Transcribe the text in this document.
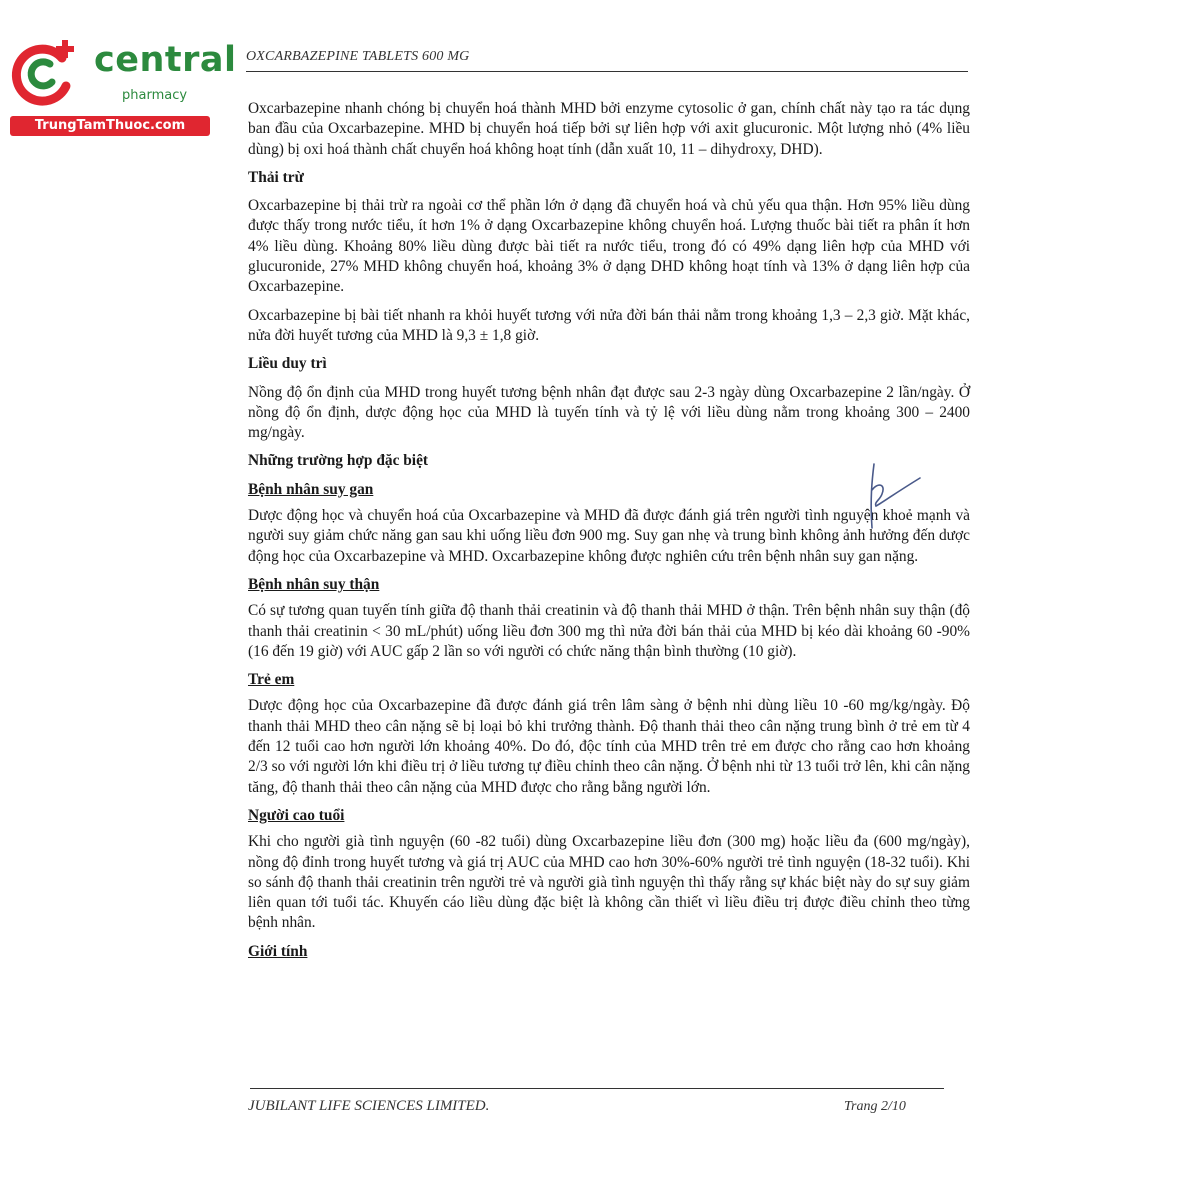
central
pharmacy
TrungTamThuoc.com
OXCARBAZEPINE TABLETS 600 MG

Oxcarbazepine nhanh chóng bị chuyển hoá thành MHD bởi enzyme cytosolic ở gan, chính chất này tạo ra tác dụng ban đầu của Oxcarbazepine. MHD bị chuyển hoá tiếp bởi sự liên hợp với axit glucuronic. Một lượng nhỏ (4% liều dùng) bị oxi hoá thành chất chuyển hoá không hoạt tính (dẫn xuất 10, 11 – dihydroxy, DHD).

Thải trừ

Oxcarbazepine bị thải trừ ra ngoài cơ thể phần lớn ở dạng đã chuyển hoá và chủ yếu qua thận. Hơn 95% liều dùng được thấy trong nước tiểu, ít hơn 1% ở dạng Oxcarbazepine không chuyển hoá. Lượng thuốc bài tiết ra phân ít hơn 4% liều dùng. Khoảng 80% liều dùng được bài tiết ra nước tiểu, trong đó có 49% dạng liên hợp của MHD với glucuronide, 27% MHD không chuyển hoá, khoảng 3% ở dạng DHD không hoạt tính và 13% ở dạng liên hợp của Oxcarbazepine.

Oxcarbazepine bị bài tiết nhanh ra khỏi huyết tương với nửa đời bán thải nằm trong khoảng 1,3 – 2,3 giờ. Mặt khác, nửa đời huyết tương của MHD là 9,3 ± 1,8 giờ.

Liều duy trì

Nồng độ ổn định của MHD trong huyết tương bệnh nhân đạt được sau 2-3 ngày dùng Oxcarbazepine 2 lần/ngày. Ở nồng độ ổn định, dược động học của MHD là tuyến tính và tỷ lệ với liều dùng nằm trong khoảng 300 – 2400 mg/ngày.

Những trường hợp đặc biệt
Bệnh nhân suy gan

Dược động học và chuyển hoá của Oxcarbazepine và MHD đã được đánh giá trên người tình nguyện khoẻ mạnh và người suy giảm chức năng gan sau khi uống liều đơn 900 mg. Suy gan nhẹ và trung bình không ảnh hưởng đến dược động học của Oxcarbazepine và MHD. Oxcarbazepine không được nghiên cứu trên bệnh nhân suy gan nặng.

Bệnh nhân suy thận

Có sự tương quan tuyến tính giữa độ thanh thải creatinin và độ thanh thải MHD ở thận. Trên bệnh nhân suy thận (độ thanh thải creatinin < 30 mL/phút) uống liều đơn 300 mg thì nửa đời bán thải của MHD bị kéo dài khoảng 60 -90% (16 đến 19 giờ) với AUC gấp 2 lần so với người có chức năng thận bình thường (10 giờ).

Trẻ em

Dược động học của Oxcarbazepine đã được đánh giá trên lâm sàng ở bệnh nhi dùng liều 10 -60 mg/kg/ngày. Độ thanh thải MHD theo cân nặng sẽ bị loại bỏ khi trưởng thành. Độ thanh thải theo cân nặng trung bình ở trẻ em từ 4 đến 12 tuổi cao hơn người lớn khoảng 40%. Do đó, độc tính của MHD trên trẻ em được cho rằng cao hơn khoảng 2/3 so với người lớn khi điều trị ở liều tương tự điều chỉnh theo cân nặng. Ở bệnh nhi từ 13 tuổi trở lên, khi cân nặng tăng, độ thanh thải theo cân nặng của MHD được cho rằng bằng người lớn.

Người cao tuổi

Khi cho người già tình nguyện (60 -82 tuổi) dùng Oxcarbazepine liều đơn (300 mg) hoặc liều đa (600 mg/ngày), nồng độ đỉnh trong huyết tương và giá trị AUC của MHD cao hơn 30%-60% người trẻ tình nguyện (18-32 tuổi). Khi so sánh độ thanh thải creatinin trên người trẻ và người già tình nguyện thì thấy rằng sự khác biệt này do sự suy giảm liên quan tới tuổi tác. Khuyến cáo liều dùng đặc biệt là không cần thiết vì liều điều trị được điều chỉnh theo từng bệnh nhân.

Giới tính
JUBILANT LIFE SCIENCES LIMITED.	Trang 2/10
